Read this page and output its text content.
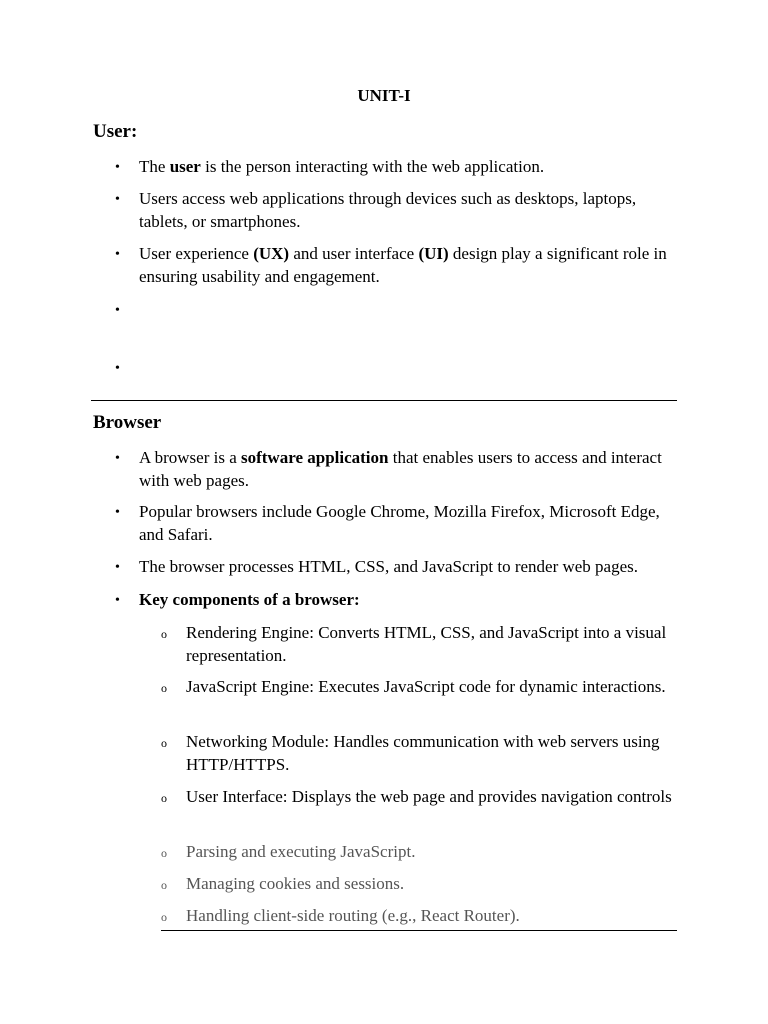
UNIT-I
User:
• The user is the person interacting with the web application.
• Users access web applications through devices such as desktops, laptops, tablets, or smartphones.
• User experience (UX) and user interface (UI) design play a significant role in ensuring usability and engagement.
•
•
Browser
• A browser is a software application that enables users to access and interact with web pages.
• Popular browsers include Google Chrome, Mozilla Firefox, Microsoft Edge, and Safari.
• The browser processes HTML, CSS, and JavaScript to render web pages.
• Key components of a browser:
o Rendering Engine: Converts HTML, CSS, and JavaScript into a visual representation.
o JavaScript Engine: Executes JavaScript code for dynamic interactions.
o Networking Module: Handles communication with web servers using HTTP/HTTPS.
o User Interface: Displays the web page and provides navigation controls
o Parsing and executing JavaScript.
o Managing cookies and sessions.
o Handling client-side routing (e.g., React Router).
